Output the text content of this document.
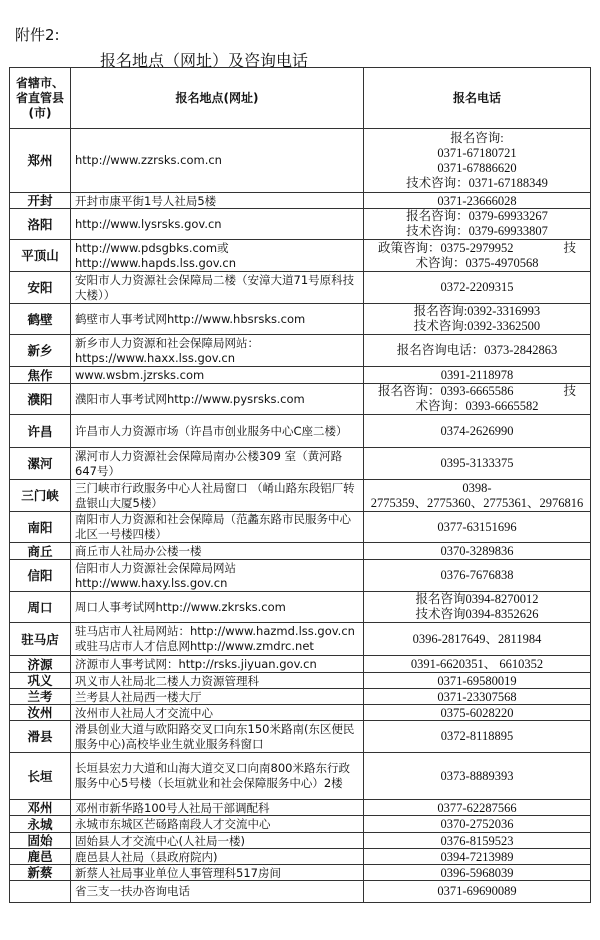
附件2:
报名地点（网址）及咨询电话
省辖市、省直管县(市)	报名地点(网址)	报名电话
郑州	http://www.zzrsks.com.cn	报名咨询:
0371-67180721
0371-67886620
技术咨询：0371-67188349

开封	开封市康平街1号人社局5楼	0371-23666028

洛阳	http://www.lysrsks.gov.cn	报名咨询：0379-69933267
技术咨询：0379-69933807

平顶山	http://www.pdsgbks.com或http://www.hapds.lss.gov.cn	政策咨询：0375-2979952　　　　技
术咨询：0375-4970568

安阳	安阳市人力资源社会保障局二楼（安漳大道71号原科技大楼））	0372-2209315

鹤壁	鹤壁市人事考试网http://www.hbsrsks.com	报名咨询:0392-3316993
技术咨询:0392-3362500

新乡	新乡市人力资源和社会保障局网站：https://www.haxx.lss.gov.cn	报名咨询电话：0373-2842863

焦作	www.wsbm.jzrsks.com	0391-2118978

濮阳	濮阳市人事考试网http://www.pysrsks.com	报名咨询：0393-6665586　　　　技
术咨询：0393-6665582

许昌	许昌市人力资源市场（许昌市创业服务中心C座二楼）	0374-2626990

漯河	漯河市人力资源社会保障局南办公楼309 室（黄河路647号）	0395-3133375

三门峡	三门峡市行政服务中心人社局窗口 （崤山路东段铝厂转盘银山大厦5楼）	0398-
2775359、2775360、2775361、2976816

南阳	南阳市人力资源和社会保障局（范蠡东路市民服务中心北区一号楼四楼）	0377-63151696

商丘	商丘市人社局办公楼一楼	0370-3289836

信阳	信阳市人力资源社会保障局网站http://www.haxy.lss.gov.cn	0376-7676838

周口	周口人事考试网http://www.zkrsks.com	报名咨询0394-8270012
技术咨询0394-8352626

驻马店	驻马店市人社局网站：http://www.hazmd.lss.gov.cn或驻马店市人才信息网http://www.zmdrc.net	0396-2817649、2811984

济源	济源市人事考试网：http://rsks.jiyuan.gov.cn	0391-6620351、 6610352

巩义	巩义市人社局北二楼人力资源管理科	0371-69580019

兰考	兰考县人社局西一楼大厅	0371-23307568

汝州	汝州市人社局人才交流中心	0375-6028220

滑县	滑县创业大道与欧阳路交叉口向东150米路南(东区便民服务中心)高校毕业生就业服务科窗口	0372-8118895

长垣	长垣县宏力大道和山海大道交叉口向南800米路东行政服务中心5号楼（长垣就业和社会保障服务中心）2楼	0373-8889393

邓州	邓州市新华路100号人社局干部调配科	0377-62287566

永城	永城市东城区芒砀路南段人才交流中心	0370-2752036

固始	固始县人才交流中心(人社局一楼)	0376-8159523

鹿邑	鹿邑县人社局（县政府院内)	0394-7213989

新蔡	新蔡人社局事业单位人事管理科517房间	0396-5968039

	省三支一扶办咨询电话	0371-69690089
